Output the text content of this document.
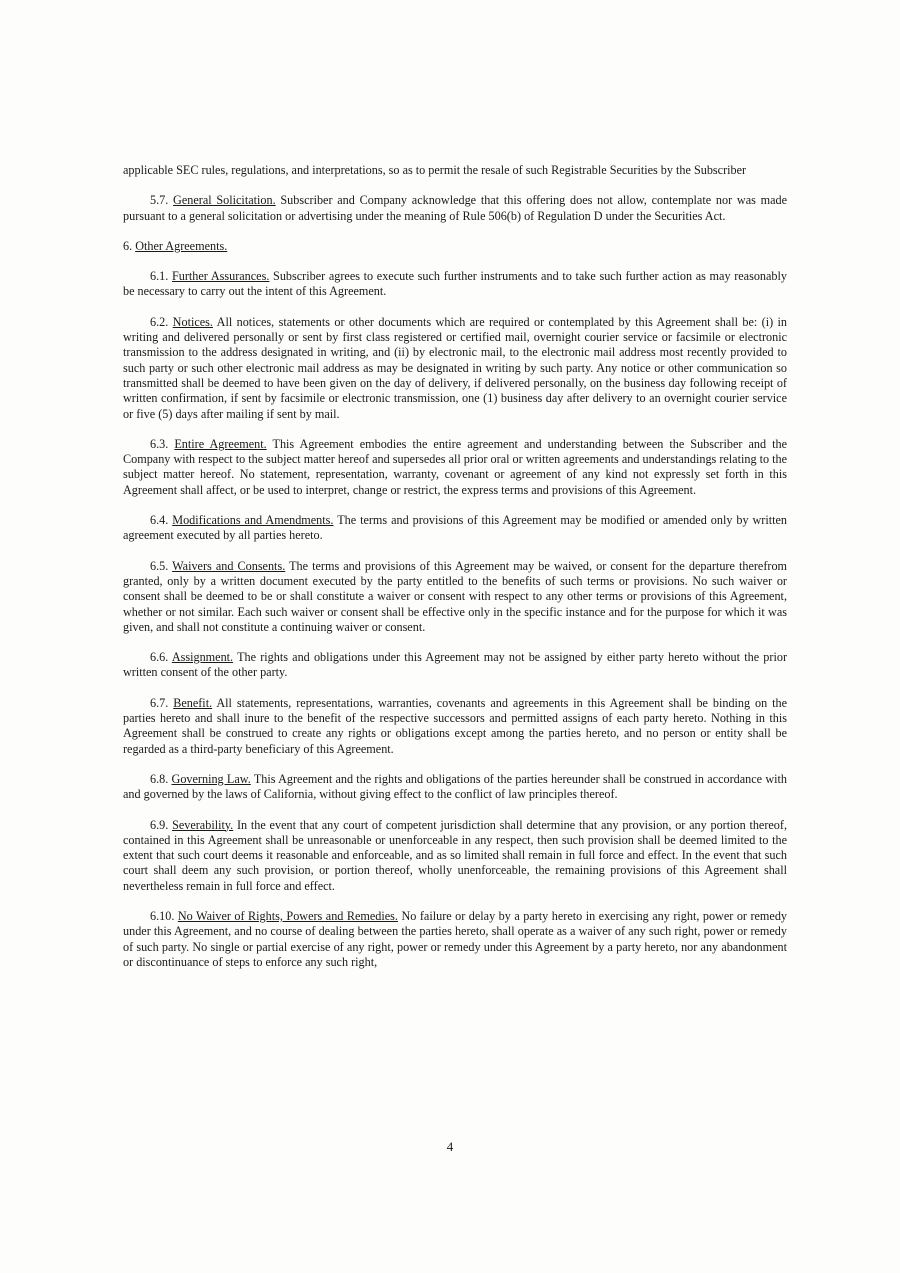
applicable SEC rules, regulations, and interpretations, so as to permit the resale of such Registrable Securities by the Subscriber

5.7. General Solicitation. Subscriber and Company acknowledge that this offering does not allow, contemplate nor was made pursuant to a general solicitation or advertising under the meaning of Rule 506(b) of Regulation D under the Securities Act.

6. Other Agreements.

6.1. Further Assurances. Subscriber agrees to execute such further instruments and to take such further action as may reasonably be necessary to carry out the intent of this Agreement.

6.2. Notices. All notices, statements or other documents which are required or contemplated by this Agreement shall be: (i) in writing and delivered personally or sent by first class registered or certified mail, overnight courier service or facsimile or electronic transmission to the address designated in writing, and (ii) by electronic mail, to the electronic mail address most recently provided to such party or such other electronic mail address as may be designated in writing by such party. Any notice or other communication so transmitted shall be deemed to have been given on the day of delivery, if delivered personally, on the business day following receipt of written confirmation, if sent by facsimile or electronic transmission, one (1) business day after delivery to an overnight courier service or five (5) days after mailing if sent by mail.

6.3. Entire Agreement. This Agreement embodies the entire agreement and understanding between the Subscriber and the Company with respect to the subject matter hereof and supersedes all prior oral or written agreements and understandings relating to the subject matter hereof. No statement, representation, warranty, covenant or agreement of any kind not expressly set forth in this Agreement shall affect, or be used to interpret, change or restrict, the express terms and provisions of this Agreement.

6.4. Modifications and Amendments. The terms and provisions of this Agreement may be modified or amended only by written agreement executed by all parties hereto.

6.5. Waivers and Consents. The terms and provisions of this Agreement may be waived, or consent for the departure therefrom granted, only by a written document executed by the party entitled to the benefits of such terms or provisions. No such waiver or consent shall be deemed to be or shall constitute a waiver or consent with respect to any other terms or provisions of this Agreement, whether or not similar. Each such waiver or consent shall be effective only in the specific instance and for the purpose for which it was given, and shall not constitute a continuing waiver or consent.

6.6. Assignment. The rights and obligations under this Agreement may not be assigned by either party hereto without the prior written consent of the other party.

6.7. Benefit. All statements, representations, warranties, covenants and agreements in this Agreement shall be binding on the parties hereto and shall inure to the benefit of the respective successors and permitted assigns of each party hereto. Nothing in this Agreement shall be construed to create any rights or obligations except among the parties hereto, and no person or entity shall be regarded as a third-party beneficiary of this Agreement.

6.8. Governing Law. This Agreement and the rights and obligations of the parties hereunder shall be construed in accordance with and governed by the laws of California, without giving effect to the conflict of law principles thereof.

6.9. Severability. In the event that any court of competent jurisdiction shall determine that any provision, or any portion thereof, contained in this Agreement shall be unreasonable or unenforceable in any respect, then such provision shall be deemed limited to the extent that such court deems it reasonable and enforceable, and as so limited shall remain in full force and effect. In the event that such court shall deem any such provision, or portion thereof, wholly unenforceable, the remaining provisions of this Agreement shall nevertheless remain in full force and effect.

6.10. No Waiver of Rights, Powers and Remedies. No failure or delay by a party hereto in exercising any right, power or remedy under this Agreement, and no course of dealing between the parties hereto, shall operate as a waiver of any such right, power or remedy of such party. No single or partial exercise of any right, power or remedy under this Agreement by a party hereto, nor any abandonment or discontinuance of steps to enforce any such right,

4
